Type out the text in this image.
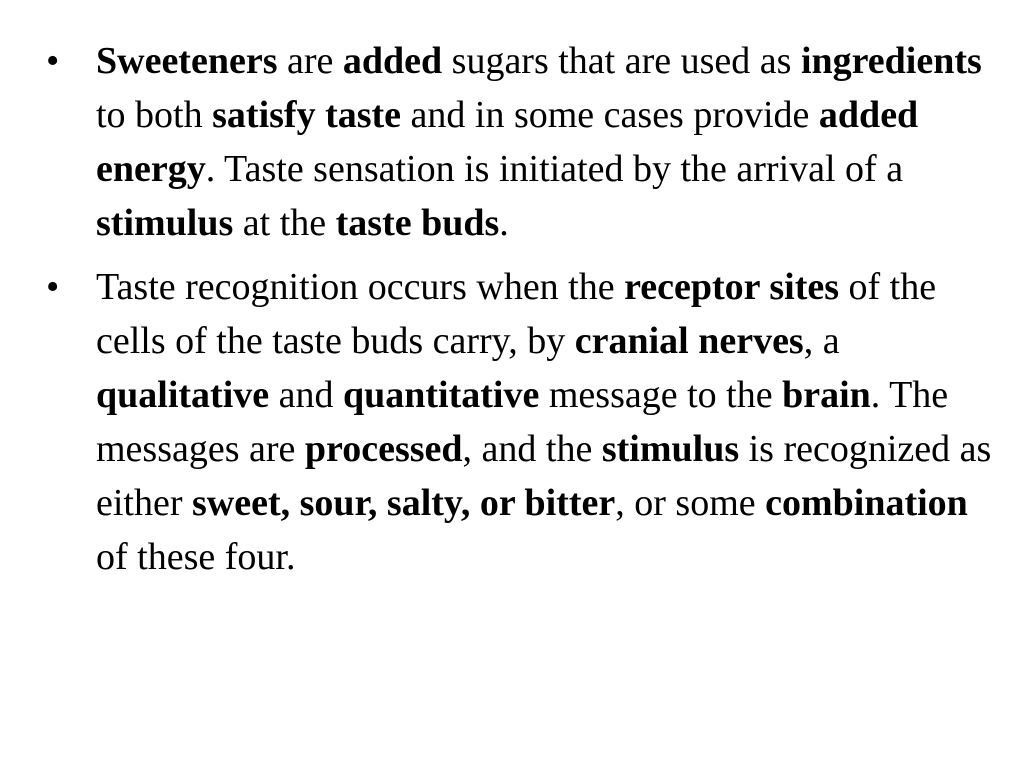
• Sweeteners are added sugars that are used as ingredients to both satisfy taste and in some cases provide added energy. Taste sensation is initiated by the arrival of a stimulus at the taste buds.
• Taste recognition occurs when the receptor sites of the cells of the taste buds carry, by cranial nerves, a qualitative and quantitative message to the brain. The messages are processed, and the stimulus is recognized as either sweet, sour, salty, or bitter, or some combination of these four.
